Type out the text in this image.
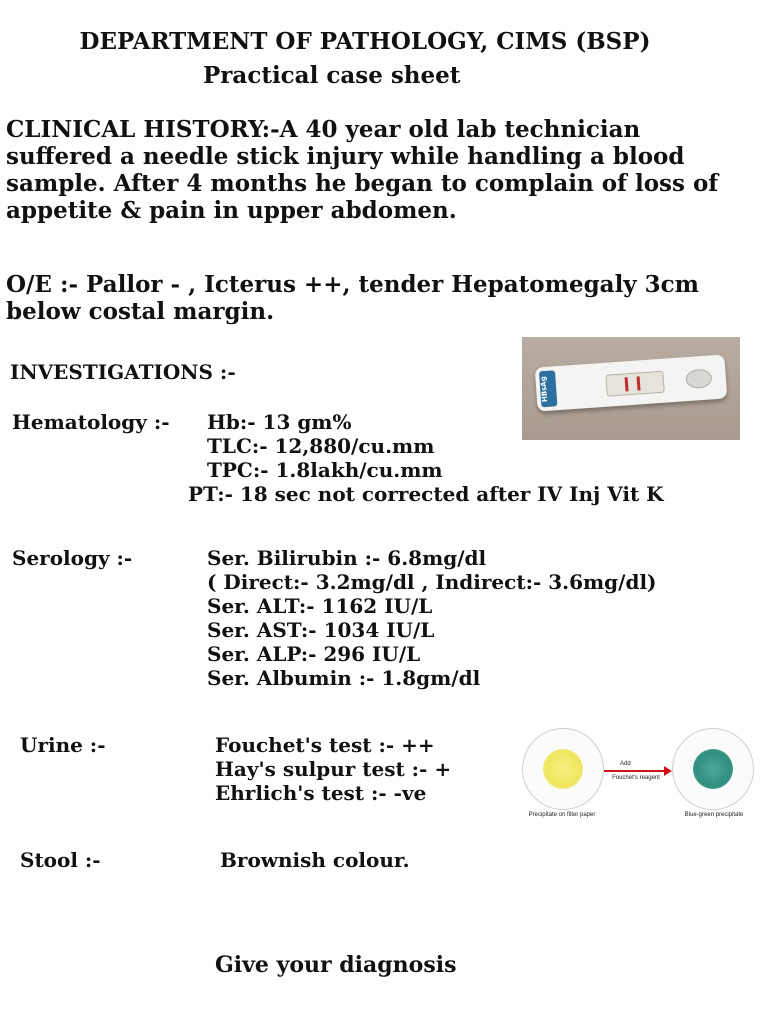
DEPARTMENT OF PATHOLOGY, CIMS (BSP)
Practical case sheet
CLINICAL HISTORY:-A 40 year old lab technician suffered a needle stick injury while handling a blood sample. After 4 months he began to complain of loss of appetite & pain in upper abdomen.
O/E :- Pallor - , Icterus ++, tender Hepatomegaly 3cm below costal margin.
INVESTIGATIONS :-
HBsAg
Hematology :- Hb:- 13 gm%
TLC:- 12,880/cu.mm
TPC:- 1.8lakh/cu.mm
PT:- 18 sec not corrected after IV Inj Vit K
Serology :-	Ser. Bilirubin :- 6.8mg/dl
( Direct:- 3.2mg/dl , Indirect:- 3.6mg/dl)
Ser. ALT:- 1162 IU/L
Ser. AST:- 1034 IU/L
Ser. ALP:- 296 IU/L
Ser. Albumin :- 1.8gm/dl
Urine :-	Fouchet's test :- ++
Hay's sulpur test :- +
Ehrlich's test :- -ve
Add
Fouchet's reagent
Precipitate on filter paper	Blue-green precipitate
Stool :-	Brownish colour.
Give your diagnosis
